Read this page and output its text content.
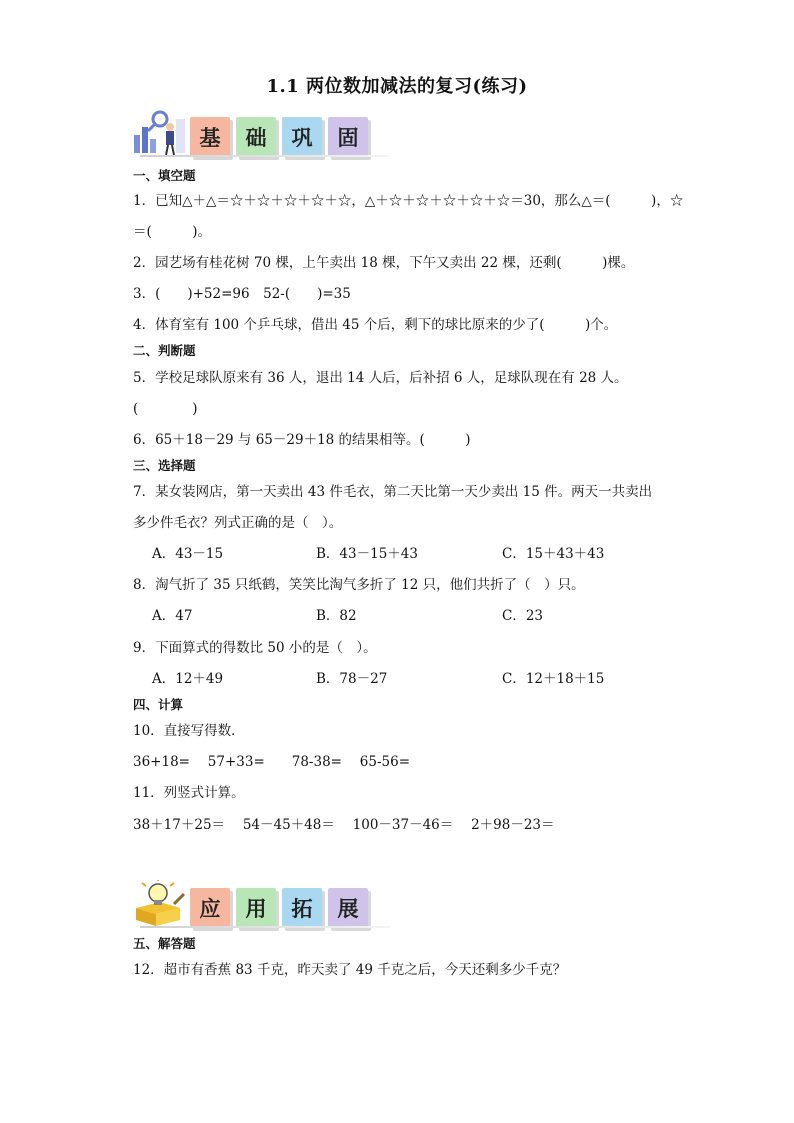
1.1 两位数加减法的复习(练习)
基 础 巩 固
一、填空题
1．已知△＋△＝☆＋☆＋☆＋☆＋☆，△＋☆＋☆＋☆＋☆＋☆＝30，那么△＝(　　　)，☆
＝(　　　)。
2．园艺场有桂花树 70 棵，上午卖出 18 棵，下午又卖出 22 棵，还剩(　　　)棵。
3．(　　)+52=96　52-(　　)=35
4．体育室有 100 个乒乓球，借出 45 个后，剩下的球比原来的少了(　　　)个。
二、判断题
5．学校足球队原来有 36 人，退出 14 人后，后补招 6 人，足球队现在有 28 人。
(　　　　)
6．65＋18－29 与 65－29＋18 的结果相等。(　　　)
三、选择题
7．某女装网店，第一天卖出 43 件毛衣，第二天比第一天少卖出 15 件。两天一共卖出
多少件毛衣？列式正确的是（　）。
A．43－15	B．43－15＋43	C．15＋43＋43
8．淘气折了 35 只纸鹤，笑笑比淘气多折了 12 只，他们共折了（　）只。
A．47	B．82	C．23
9．下面算式的得数比 50 小的是（　）。
A．12＋49	B．78－27	C．12＋18＋15
四、计算
10．直接写得数．
36+18=　 57+33=　　78-38=　 65-56=
11．列竖式计算。
38＋17＋25＝　 54－45＋48＝　 100－37－46＝　 2＋98－23＝
应 用 拓 展
五、解答题
12．超市有香蕉 83 千克，昨天卖了 49 千克之后，今天还剩多少千克？
